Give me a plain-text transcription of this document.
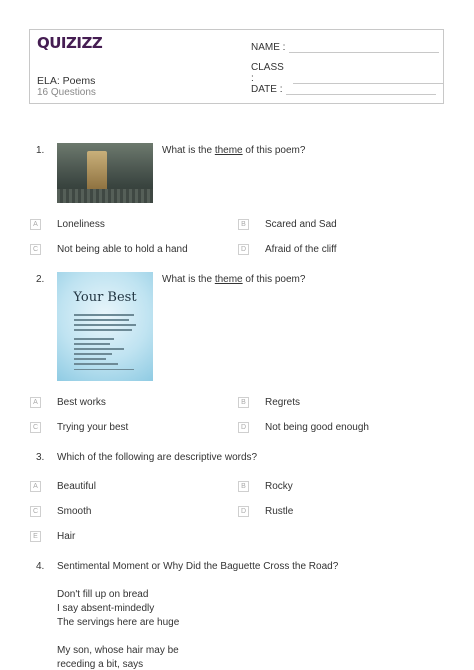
QUIZIZZ
ELA: Poems
16 Questions
NAME :
CLASS :
DATE :
1.	What is the theme of this poem?
A	Loneliness	B	Scared and Sad
C Not being able to hold a hand	D Afraid of the cliff
2.
Your Best
What is the theme of this poem?
A	Best works	B	Regrets
C Trying your best	D Not being good enough
3. Which of the following are descriptive words?
A	Beautiful	B	Rocky
C Smooth	D Rustle
E	Hair
4. Sentimental Moment or Why Did the Baguette Cross the Road?
Don't fill up on bread
I say absent-mindedly
The servings here are huge
My son, whose hair may be
receding a bit, says
